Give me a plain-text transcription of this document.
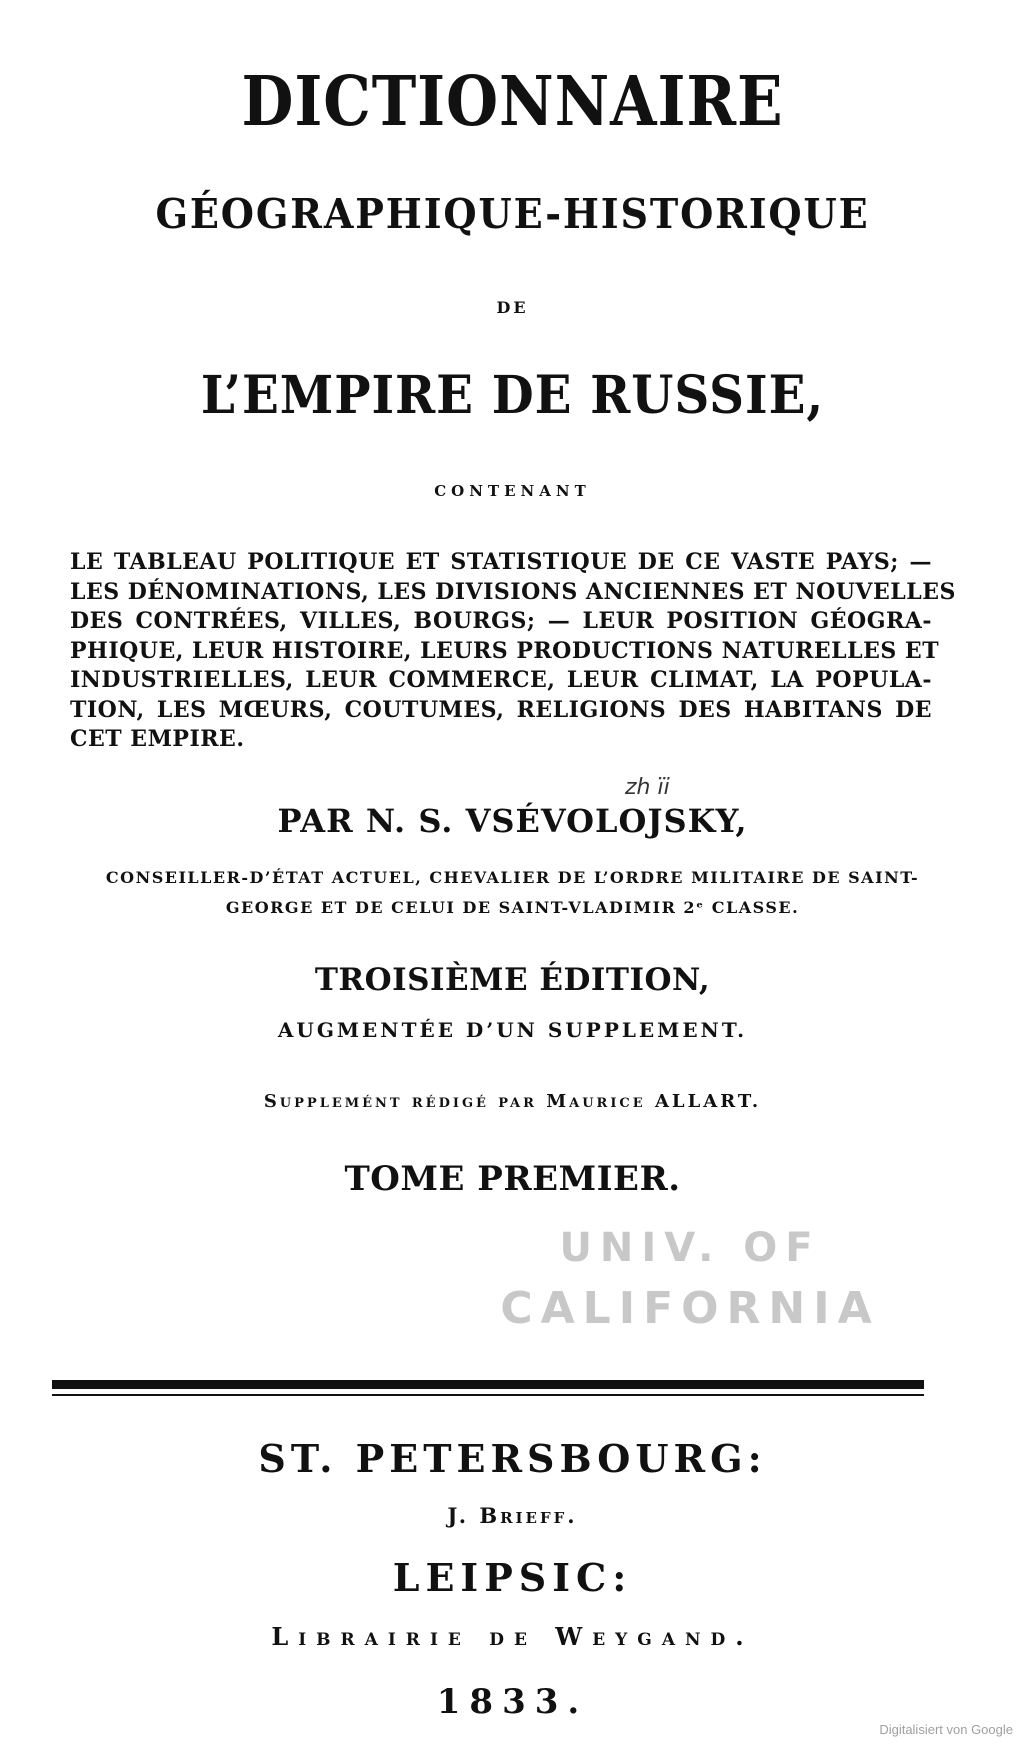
DICTIONNAIRE
GÉOGRAPHIQUE-HISTORIQUE
DE
L’EMPIRE DE RUSSIE,
CONTENANT
LE TABLEAU POLITIQUE ET STATISTIQUE DE CE VASTE PAYS; —
LES DÉNOMINATIONS, LES DIVISIONS ANCIENNES ET NOUVELLES
DES CONTRÉES, VILLES, BOURGS; — LEUR POSITION GÉOGRA-
PHIQUE, LEUR HISTOIRE, LEURS PRODUCTIONS NATURELLES ET
INDUSTRIELLES, LEUR COMMERCE, LEUR CLIMAT, LA POPULA-
TION, LES MŒURS, COUTUMES, RELIGIONS DES HABITANS DE
CET EMPIRE.
PAR N. S. VSÉVOLOJSKY,
zh ïi
CONSEILLER-D’ÉTAT ACTUEL, CHEVALIER DE L’ORDRE MILITAIRE DE SAINT-
GEORGE ET DE CELUI DE SAINT-VLADIMIR 2ᵉ CLASSE.
TROISIÈME ÉDITION,
AUGMENTÉE D’UN SUPPLEMENT.
Supplemént rédigé par Maurice ALLART.
TOME PREMIER.
UNIV. OF
CALIFORNIA
ST. PETERSBOURG:
J. Brieff.
LEIPSIC:
Librairie de Weygand.
1833.
Digitalisiert von Google
